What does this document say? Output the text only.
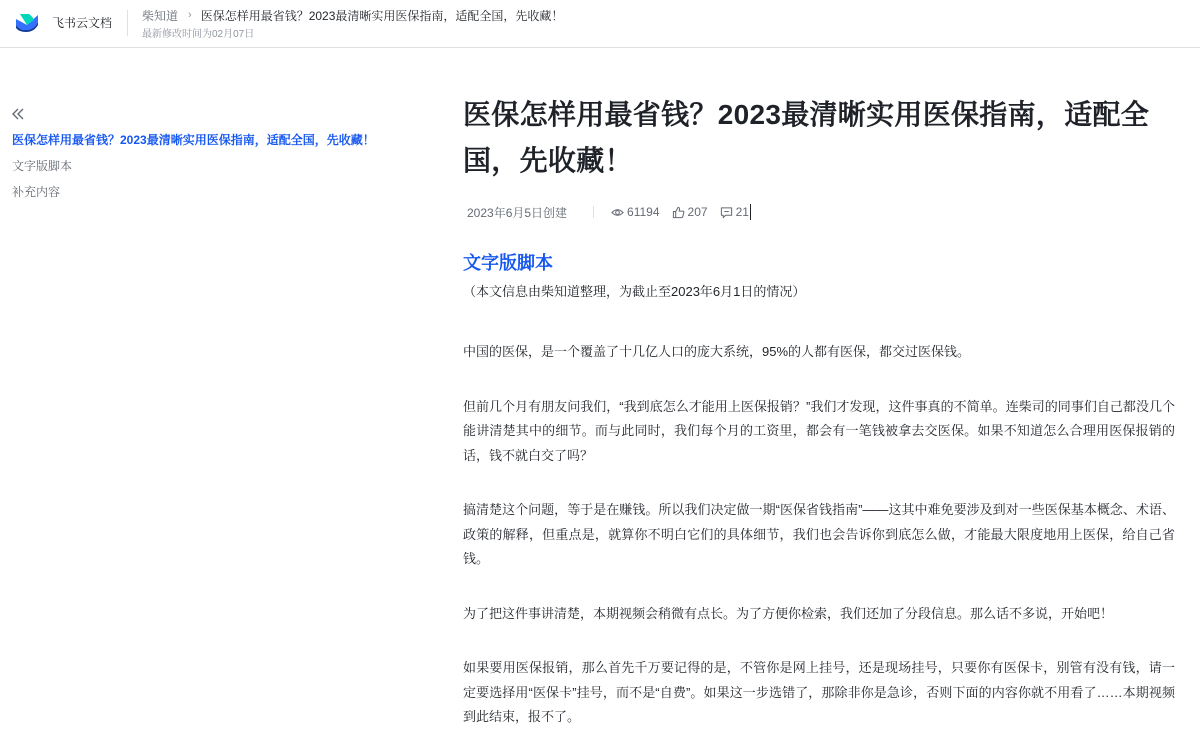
飞书云文档 柴知道 › 医保怎样用最省钱？2023最清晰实用医保指南，适配全国，先收藏！
最新修改时间为02月07日
医保怎样用最省钱？2023最清晰实用医保指南，适配全国，先收藏！
文字版脚本
补充内容
医保怎样用最省钱？2023最清晰实用医保指南，适配全国，先收藏！
2023年6月5日创建	61194 207 21
文字版脚本

（本文信息由柴知道整理，为截止至2023年6月1日的情况）

中国的医保，是一个覆盖了十几亿人口的庞大系统，95%的人都有医保，都交过医保钱。

但前几个月有朋友问我们，“我到底怎么才能用上医保报销？”我们才发现，这件事真的不简单。连柴司的同事们自己都没几个能讲清楚其中的细节。而与此同时，我们每个月的工资里，都会有一笔钱被拿去交医保。如果不知道怎么合理用医保报销的话，钱不就白交了吗？

搞清楚这个问题，等于是在赚钱。所以我们决定做一期“医保省钱指南”——这其中难免要涉及到对一些医保基本概念、术语、政策的解释，但重点是，就算你不明白它们的具体细节，我们也会告诉你到底怎么做，才能最大限度地用上医保，给自己省钱。

为了把这件事讲清楚，本期视频会稍微有点长。为了方便你检索，我们还加了分段信息。那么话不多说，开始吧！

如果要用医保报销，那么首先千万要记得的是，不管你是网上挂号，还是现场挂号，只要你有医保卡，别管有没有钱，请一定要选择用“医保卡”挂号，而不是“自费”。如果这一步选错了，那除非你是急诊，否则下面的内容你就不用看了……本期视频到此结束，报不了。
